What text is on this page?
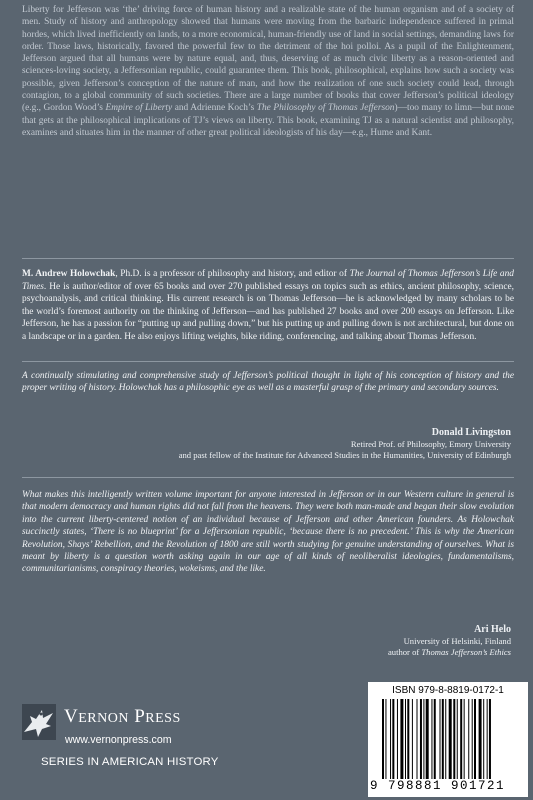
Liberty for Jefferson was ‘the’ driving force of human history and a realizable state of the human organism and of a society of men. Study of history and anthropology showed that humans were moving from the barbaric independence suffered in primal hordes, which lived inefficiently on lands, to a more economical, human-friendly use of land in social settings, demanding laws for order. Those laws, historically, favored the powerful few to the detriment of the hoi polloi. As a pupil of the Enlightenment, Jefferson argued that all humans were by nature equal, and, thus, deserving of as much civic liberty as a reason-oriented and sciences-loving society, a Jeffersonian republic, could guarantee them. This book, philosophical, explains how such a society was possible, given Jefferson’s conception of the nature of man, and how the realization of one such society could lead, through contagion, to a global community of such societies. There are a large number of books that cover Jefferson’s political ideology (e.g., Gordon Wood’s Empire of Liberty and Adrienne Koch’s The Philosophy of Thomas Jefferson)—too many to limn—but none that gets at the philosophical implications of TJ’s views on liberty. This book, examining TJ as a natural scientist and philosophy, examines and situates him in the manner of other great political ideologists of his day—e.g., Hume and Kant.

M. Andrew Holowchak, Ph.D. is a professor of philosophy and history, and editor of The Journal of Thomas Jefferson’s Life and Times. He is author/editor of over 65 books and over 270 published essays on topics such as ethics, ancient philosophy, science, psychoanalysis, and critical thinking. His current research is on Thomas Jefferson—he is acknowledged by many scholars to be the world’s foremost authority on the thinking of Jefferson—and has published 27 books and over 200 essays on Jefferson. Like Jefferson, he has a passion for “putting up and pulling down,” but his putting up and pulling down is not architectural, but done on a landscape or in a garden. He also enjoys lifting weights, bike riding, conferencing, and talking about Thomas Jefferson.

A continually stimulating and comprehensive study of Jefferson’s political thought in light of his conception of history and the proper writing of history. Holowchak has a philosophic eye as well as a masterful grasp of the primary and secondary sources.

Donald Livingston
Retired Prof. of Philosophy, Emory University
and past fellow of the Institute for Advanced Studies in the Humanities, University of Edinburgh

What makes this intelligently written volume important for anyone interested in Jefferson or in our Western culture in general is that modern democracy and human rights did not fall from the heavens. They were both man-made and began their slow evolution into the current liberty-centered notion of an individual because of Jefferson and other American founders. As Holowchak succinctly states, ‘There is no blueprint’ for a Jeffersonian republic, ‘because there is no precedent.’ This is why the American Revolution, Shays’ Rebellion, and the Revolution of 1800 are still worth studying for genuine understanding of ourselves. What is meant by liberty is a question worth asking again in our age of all kinds of neoliberalist ideologies, fundamentalisms, communitarianisms, conspiracy theories, wokeisms, and the like.

Ari Helo
University of Helsinki, Finland
author of Thomas Jefferson’s Ethics
VERNON PRESS
www.vernonpress.com
SERIES IN AMERICAN HISTORY
ISBN 979-8-8819-0172-1
9 798881 901721
